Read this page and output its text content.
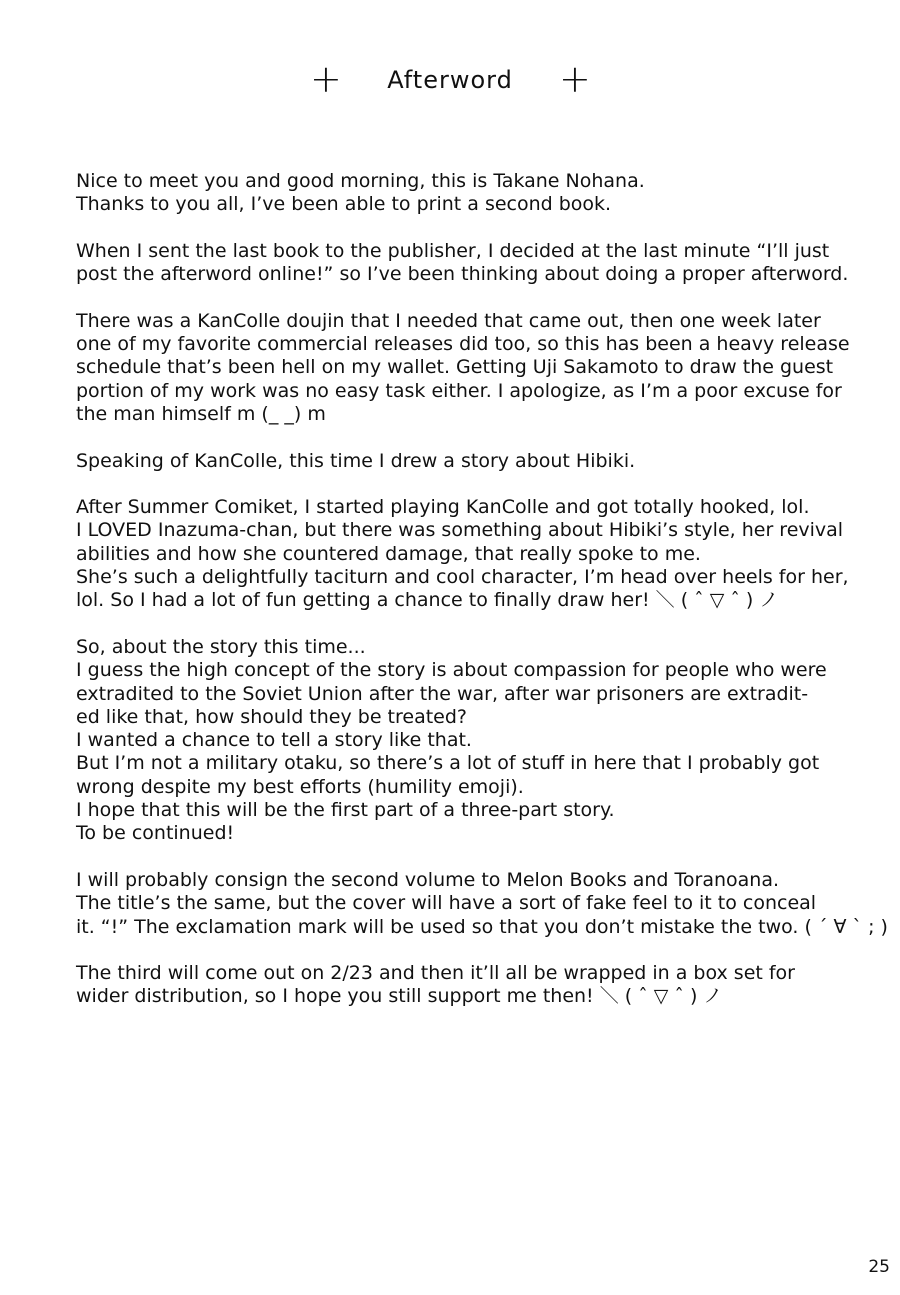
+	Afterword	+
Nice to meet you and good morning, this is Takane Nohana.
Thanks to you all, I’ve been able to print a second book.
When I sent the last book to the publisher, I decided at the last minute “I’ll just
post the afterword online!” so I’ve been thinking about doing a proper afterword.
There was a KanColle doujin that I needed that came out, then one week later
one of my favorite commercial releases did too, so this has been a heavy release
schedule that’s been hell on my wallet. Getting Uji Sakamoto to draw the guest
portion of my work was no easy task either. I apologize, as I’m a poor excuse for
the man himself m (_ _) m
Speaking of KanColle, this time I drew a story about Hibiki.
After Summer Comiket, I started playing KanColle and got totally hooked, lol.
I LOVED Inazuma-chan, but there was something about Hibiki’s style, her revival
abilities and how she countered damage, that really spoke to me.
She’s such a delightfully taciturn and cool character, I’m head over heels for her,
lol. So I had a lot of fun getting a chance to finally draw her! ＼ ( ˆ ▽ ˆ ) ノ
So, about the story this time...
I guess the high concept of the story is about compassion for people who were
extradited to the Soviet Union after the war, after war prisoners are extradit-
ed like that, how should they be treated?
I wanted a chance to tell a story like that.
But I’m not a military otaku, so there’s a lot of stuff in here that I probably got
wrong despite my best efforts (humility emoji).
I hope that this will be the first part of a three-part story.
To be continued!
I will probably consign the second volume to Melon Books and Toranoana.
The title’s the same, but the cover will have a sort of fake feel to it to conceal
it. “!” The exclamation mark will be used so that you don’t mistake the two. ( ´ ∀ ` ; )
The third will come out on 2/23 and then it’ll all be wrapped in a box set for
wider distribution, so I hope you still support me then! ＼ ( ˆ ▽ ˆ ) ノ
25
